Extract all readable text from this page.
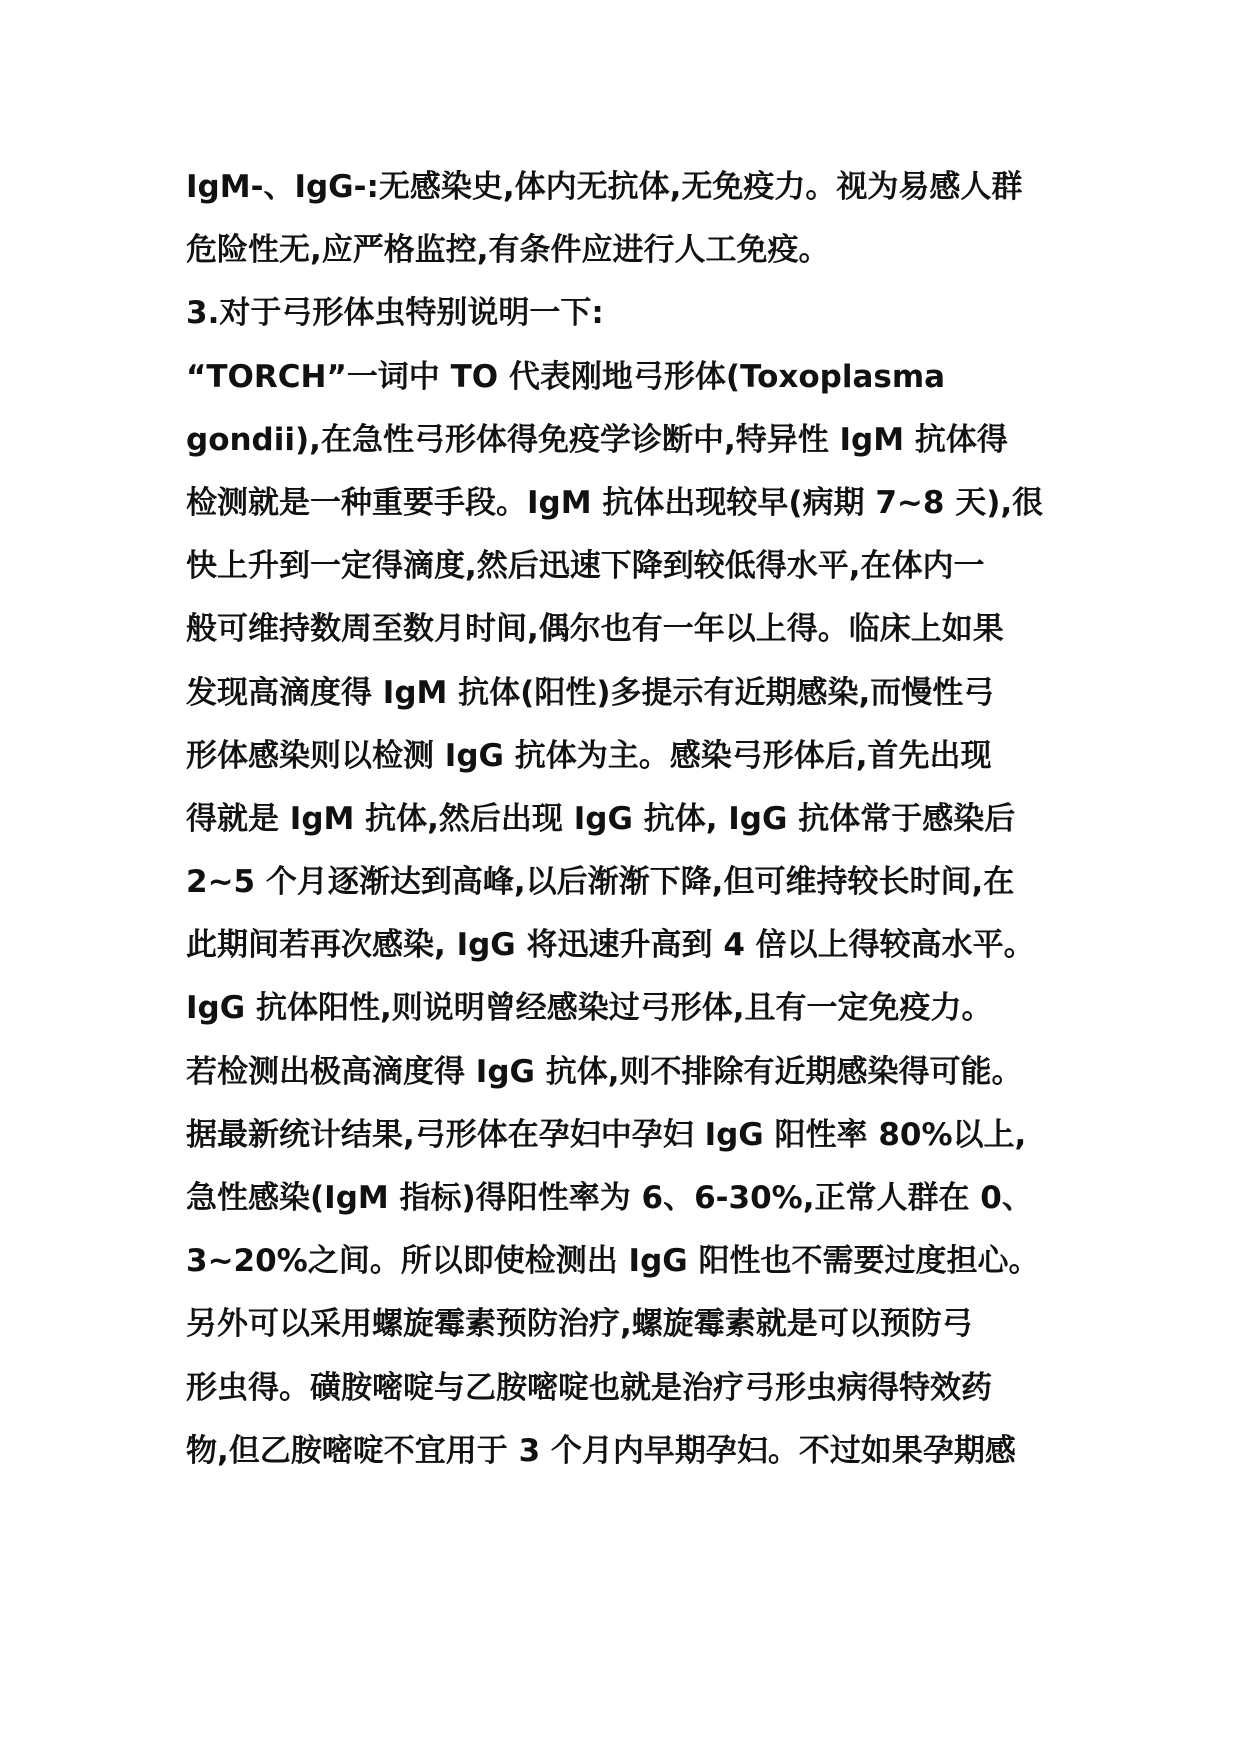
IgM-、IgG-:无感染史,体内无抗体,无免疫力。视为易感人群
危险性无,应严格监控,有条件应进行人工免疫。
3.对于弓形体虫特别说明一下:
“TORCH”一词中 TO 代表刚地弓形体(Toxoplasma
gondii),在急性弓形体得免疫学诊断中,特异性 IgM 抗体得
检测就是一种重要手段。IgM 抗体出现较早(病期 7~8 天),很
快上升到一定得滴度,然后迅速下降到较低得水平,在体内一
般可维持数周至数月时间,偶尔也有一年以上得。临床上如果
发现高滴度得 IgM 抗体(阳性)多提示有近期感染,而慢性弓
形体感染则以检测 IgG 抗体为主。感染弓形体后,首先出现
得就是 IgM 抗体,然后出现 IgG 抗体, IgG 抗体常于感染后
2~5 个月逐渐达到高峰,以后渐渐下降,但可维持较长时间,在
此期间若再次感染, IgG 将迅速升高到 4 倍以上得较高水平。
IgG 抗体阳性,则说明曾经感染过弓形体,且有一定免疫力。
若检测出极高滴度得 IgG 抗体,则不排除有近期感染得可能。
据最新统计结果,弓形体在孕妇中孕妇 IgG 阳性率 80%以上,
急性感染(IgM 指标)得阳性率为 6、6-30%,正常人群在 0、
3~20%之间。所以即使检测出 IgG 阳性也不需要过度担心。
另外可以采用螺旋霉素预防治疗,螺旋霉素就是可以预防弓
形虫得。磺胺嘧啶与乙胺嘧啶也就是治疗弓形虫病得特效药
物,但乙胺嘧啶不宜用于 3 个月内早期孕妇。不过如果孕期感
